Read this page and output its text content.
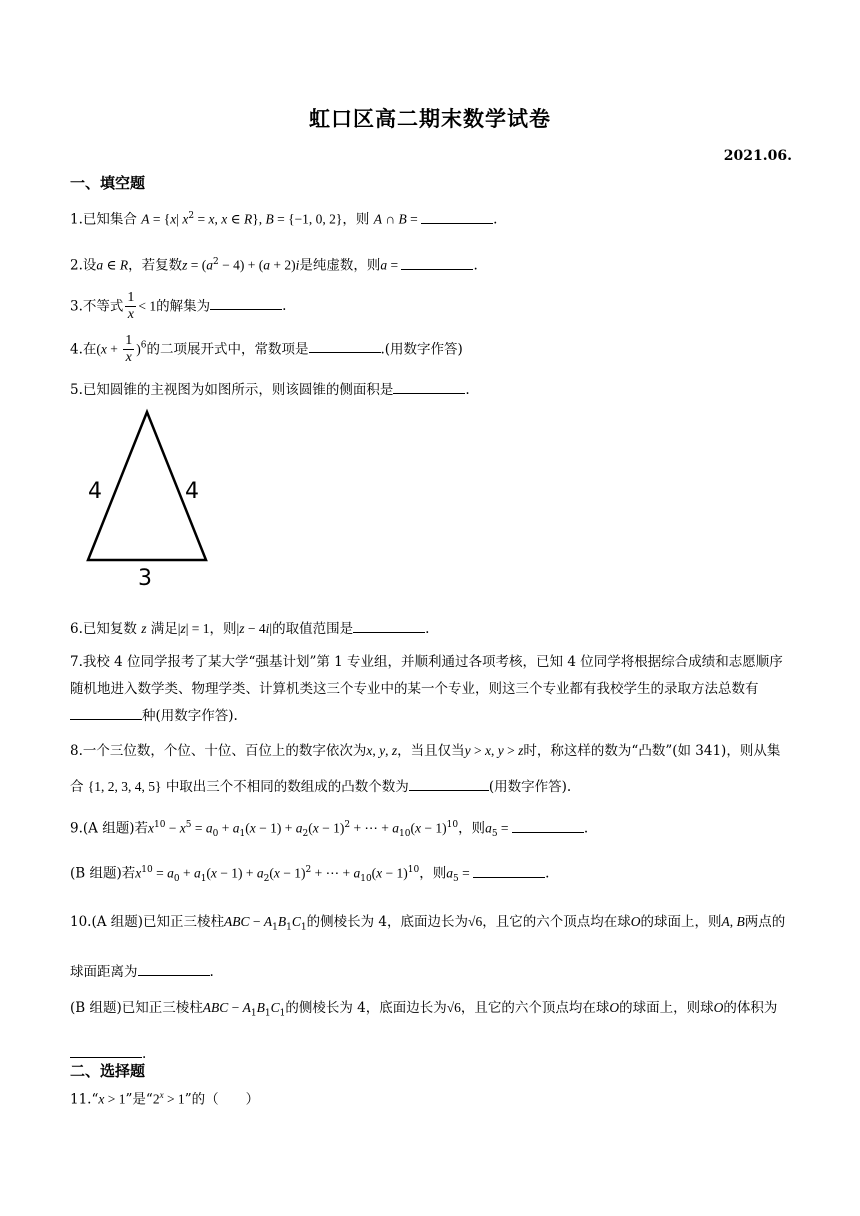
虹口区高二期末数学试卷
2021.06.
一、填空题
1.已知集合 A = {x| $x^2 = x$, x ∈ R}, B = {−1, 0, 2}，则 A ∩ B =	.
2.设a ∈ R，若复数$z = (a^2 - 4) + (a + 2)i$是纯虚数，则a =	.
3.不等式 $\frac{1}{x} < 1$的解集为	.
4.在$(x + \frac{1}{x} )^6$的二项展开式中，常数项是	.(用数字作答)
5.已知圆锥的主视图为如图所示，则该圆锥的侧面积是	.
4	4
3
6.已知复数 z 满足|z| = 1，则|z − 4i|的取值范围是	.
7.我校 4 位同学报考了某大学“强基计划”第 1 专业组，并顺利通过各项考核，已知 4 位同学将根据综合成绩和志愿顺序随机地进入数学类、物理学类、计算机类这三个专业中的某一个专业，则这三个专业都有我校学生的录取方法总数有种(用数字作答).
8.一个三位数，个位、十位、百位上的数字依次为x, y, z，当且仅当y > x, y > z时，称这样的数为“凸数”(如 341)，则从集合 {1, 2, 3, 4, 5} 中取出三个不相同的数组成的凸数个数为	(用数字作答).
9.(A 组题)若$x^{10} - x^5 = a_0 + a_1(x - 1) + a_2(x - 1)^2$ + ⋯ + $a_{10}(x - 1)^{10}$，则$a_5$ =	.
(B 组题)若$x^{10} = a_0 + a_1(x - 1) + a_2(x - 1)^2$ + ⋯ + $a_{10}(x - 1)^{10}$，则$a_5$ =	.
10.(A 组题)已知正三棱柱ABC − $A_1B_1C_1$的侧棱长为 4，底面边长为√6，且它的六个顶点均在球O的球面上，则A, B两点的球面距离为	.
(B 组题)已知正三棱柱ABC − $A_1B_1C_1$的侧棱长为 4，底面边长为√6，且它的六个顶点均在球O的球面上，则球O的体积为.
二、选择题
11.“x > 1”是“$2^x > 1$”的（　　）
